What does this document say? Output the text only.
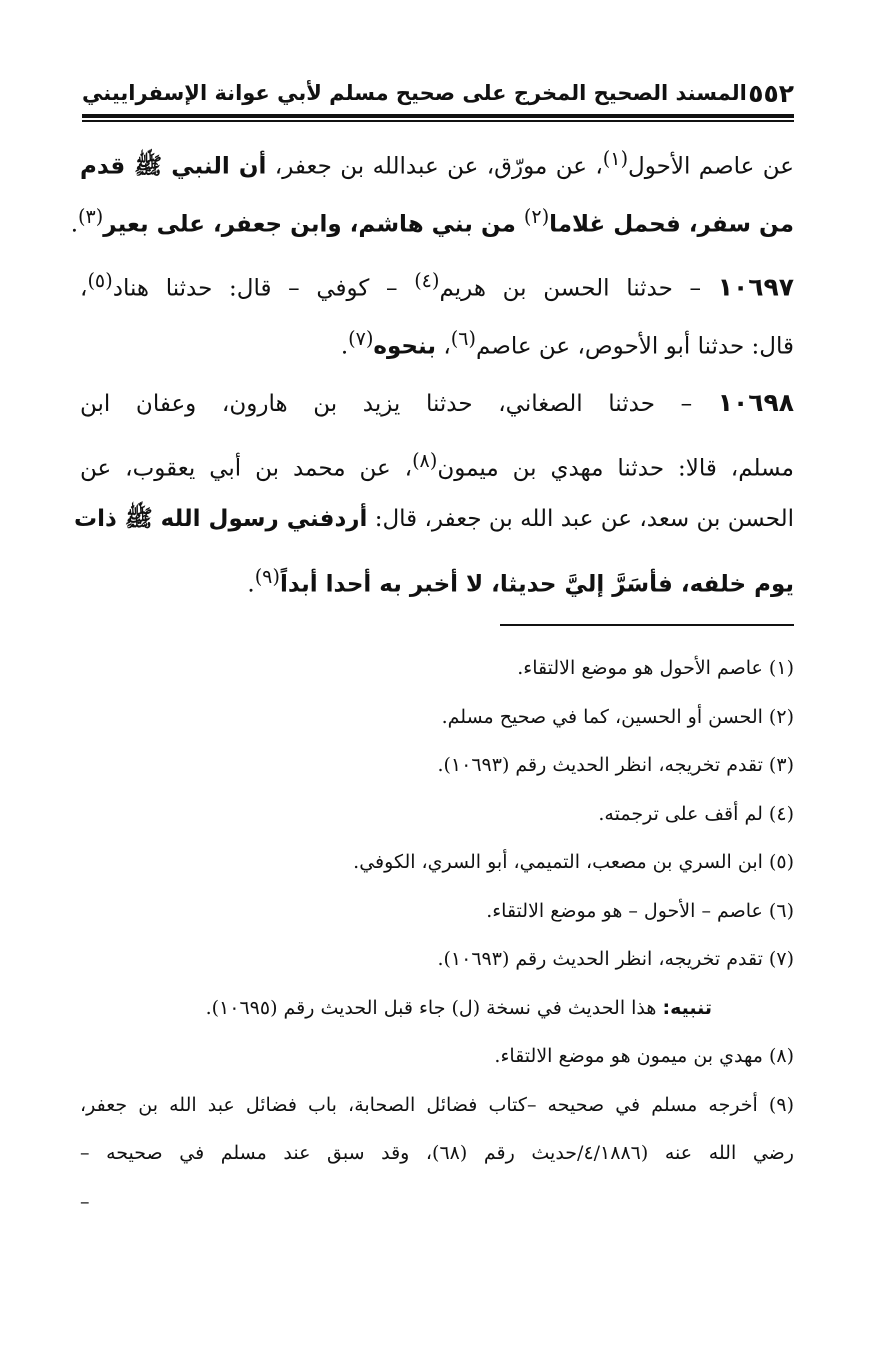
٥٥٢
المسند الصحيح المخرج على صحيح مسلم لأبي عوانة الإسفراييني
عن عاصم الأحول$^{(١)}$، عن مورّق، عن عبدالله بن جعفر، أن النبي ﷺ قدم
من سفر، فحمل غلاما$^{(٢)}$ من بني هاشم، وابن جعفر، على بعير$^{(٣)}$.
١٠٦٩٧ – حدثنا الحسن بن هريم$^{(٤)}$ – كوفي – قال: حدثنا هناد$^{(٥)}$،
قال: حدثنا أبو الأحوص، عن عاصم$^{(٦)}$، بنحوه$^{(٧)}$.
١٠٦٩٨ – حدثنا الصغاني، حدثنا يزيد بن هارون، وعفان ابن
مسلم، قالا: حدثنا مهدي بن ميمون$^{(٨)}$، عن محمد بن أبي يعقوب، عن
الحسن بن سعد، عن عبد الله بن جعفر، قال: أردفني رسول الله ﷺ ذات
يوم خلفه، فأسَرَّ إليَّ حديثا، لا أخبر به أحدا أبداً$^{(٩)}$.
(١) عاصم الأحول هو موضع الالتقاء.
(٢) الحسن أو الحسين، كما في صحيح مسلم.
(٣) تقدم تخريجه، انظر الحديث رقم (١٠٦٩٣).
(٤) لم أقف على ترجمته.
(٥) ابن السري بن مصعب، التميمي، أبو السري، الكوفي.
(٦) عاصم – الأحول – هو موضع الالتقاء.
(٧) تقدم تخريجه، انظر الحديث رقم (١٠٦٩٣).
تنبيه: هذا الحديث في نسخة (ل) جاء قبل الحديث رقم (١٠٦٩٥).
(٨) مهدي بن ميمون هو موضع الالتقاء.
(٩) أخرجه مسلم في صحيحه –كتاب فضائل الصحابة، باب فضائل عبد الله بن جعفر،
رضي الله عنه (٤/١٨٨٦/حديث رقم (٦٨)، وقد سبق عند مسلم في صحيحه –
–
